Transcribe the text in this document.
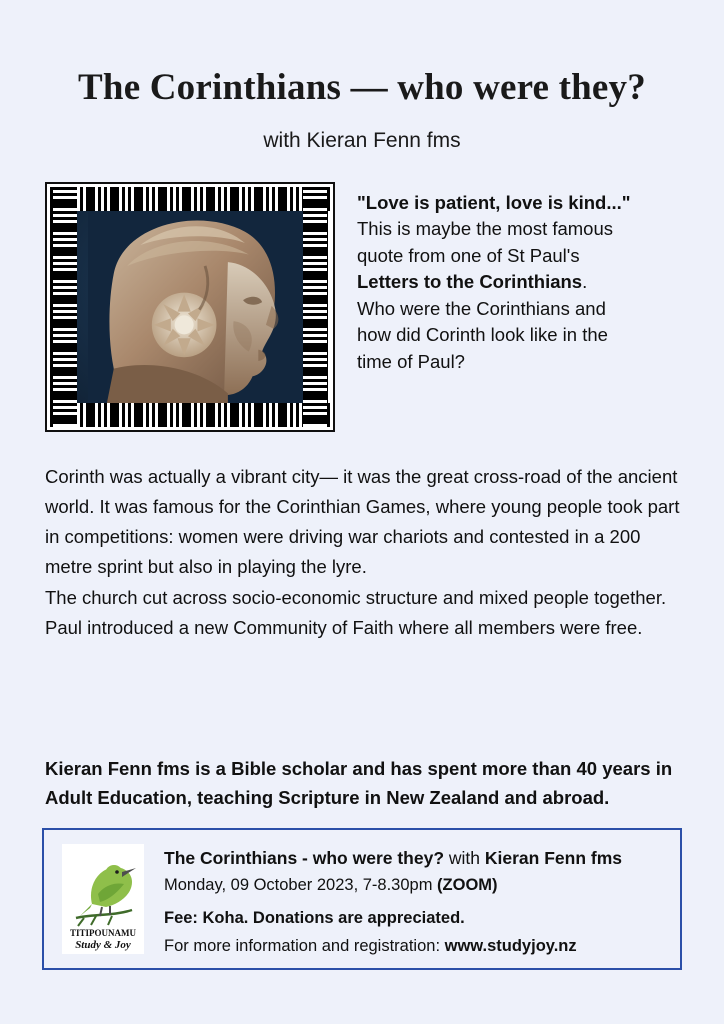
The Corinthians — who were they?
with Kieran Fenn fms
"Love is patient, love is kind..."
This is maybe the most famous
quote from one of St Paul's
Letters to the Corinthians.
Who were the Corinthians and
how did Corinth look like in the
time of Paul?

Corinth was actually a vibrant city— it was the great cross-road of the ancient world. It was famous for the Corinthian Games, where young people took part in competitions: women were driving war chariots and contested in a 200 metre sprint but also in playing the lyre.

The church cut across socio-economic structure and mixed people together. Paul introduced a new Community of Faith where all members were free.

Kieran Fenn fms is a Bible scholar and has spent more than 40 years in Adult Education, teaching Scripture in New Zealand and abroad.
TITIPOUNAMU
Study & Joy
The Corinthians - who were they? with Kieran Fenn fms
Monday, 09 October 2023, 7-8.30pm (ZOOM)
Fee: Koha. Donations are appreciated.
For more information and registration: www.studyjoy.nz
